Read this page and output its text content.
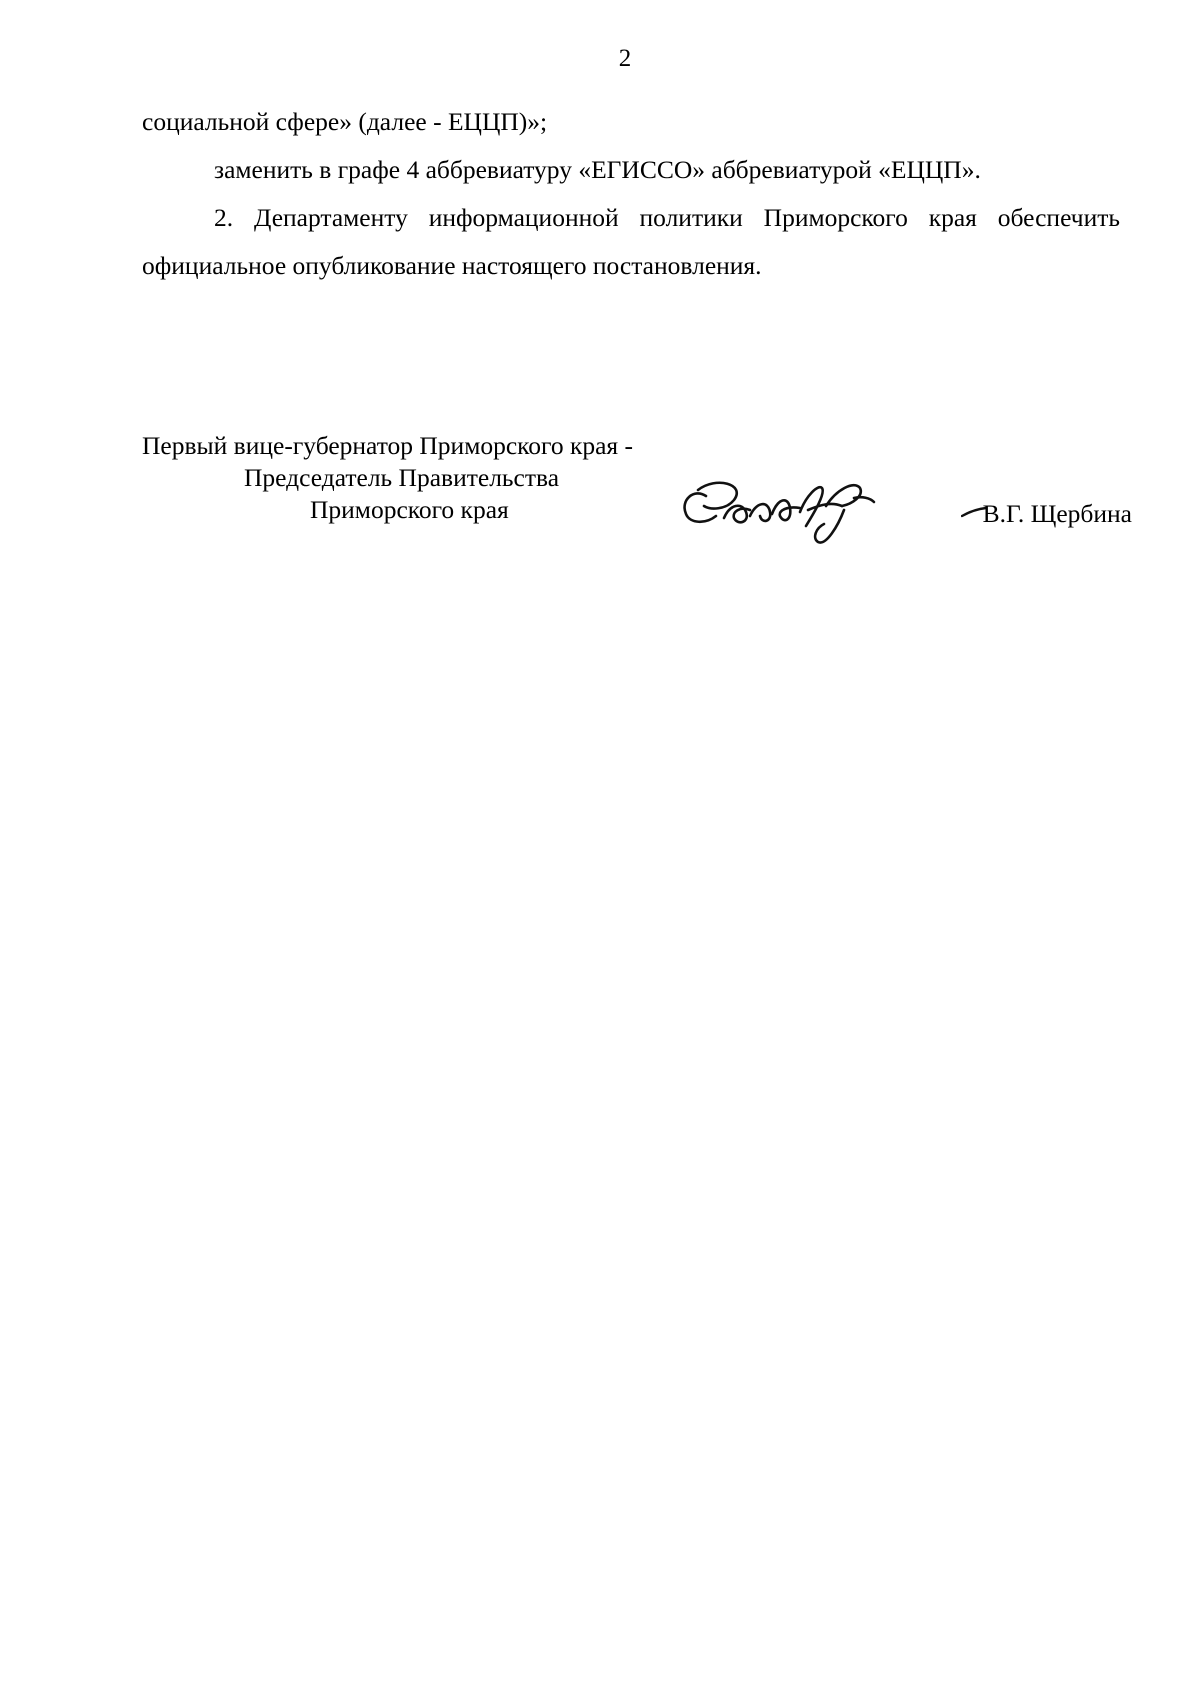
2

социальной сфере» (далее - ЕЦЦП)»;

заменить в графе 4 аббревиатуру «ЕГИССО» аббревиатурой «ЕЦЦП».

2. Департаменту информационной политики Приморского края обеспечить официальное опубликование настоящего постановления.

Первый вице-губернатор Приморского края -
Председатель Правительства
Приморского края	В.Г. Щербина
